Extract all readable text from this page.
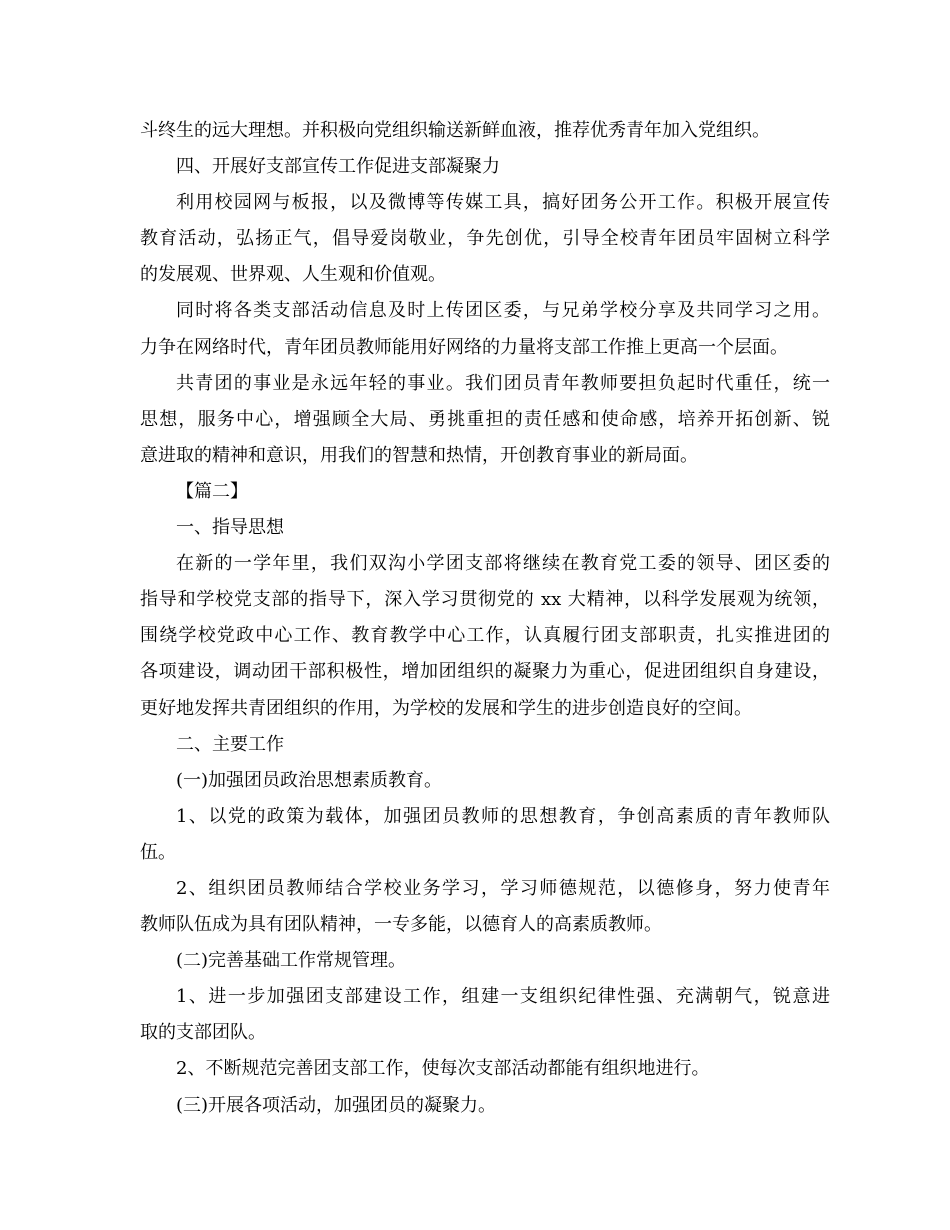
斗终生的远大理想。并积极向党组织输送新鲜血液，推荐优秀青年加入党组织。
四、开展好支部宣传工作促进支部凝聚力
利用校园网与板报，以及微博等传媒工具，搞好团务公开工作。积极开展宣传
教育活动，弘扬正气，倡导爱岗敬业，争先创优，引导全校青年团员牢固树立科学
的发展观、世界观、人生观和价值观。
同时将各类支部活动信息及时上传团区委，与兄弟学校分享及共同学习之用。
力争在网络时代，青年团员教师能用好网络的力量将支部工作推上更高一个层面。
共青团的事业是永远年轻的事业。我们团员青年教师要担负起时代重任，统一
思想，服务中心，增强顾全大局、勇挑重担的责任感和使命感，培养开拓创新、锐
意进取的精神和意识，用我们的智慧和热情，开创教育事业的新局面。
【篇二】
一、指导思想
在新的一学年里，我们双沟小学团支部将继续在教育党工委的领导、团区委的
指导和学校党支部的指导下，深入学习贯彻党的 xx 大精神，以科学发展观为统领，
围绕学校党政中心工作、教育教学中心工作，认真履行团支部职责，扎实推进团的
各项建设，调动团干部积极性，增加团组织的凝聚力为重心，促进团组织自身建设，
更好地发挥共青团组织的作用，为学校的发展和学生的进步创造良好的空间。
二、主要工作
(一)加强团员政治思想素质教育。
1、以党的政策为载体，加强团员教师的思想教育，争创高素质的青年教师队
伍。
2、组织团员教师结合学校业务学习，学习师德规范，以德修身，努力使青年
教师队伍成为具有团队精神，一专多能，以德育人的高素质教师。
(二)完善基础工作常规管理。
1、进一步加强团支部建设工作，组建一支组织纪律性强、充满朝气，锐意进
取的支部团队。
2、不断规范完善团支部工作，使每次支部活动都能有组织地进行。
(三)开展各项活动，加强团员的凝聚力。
